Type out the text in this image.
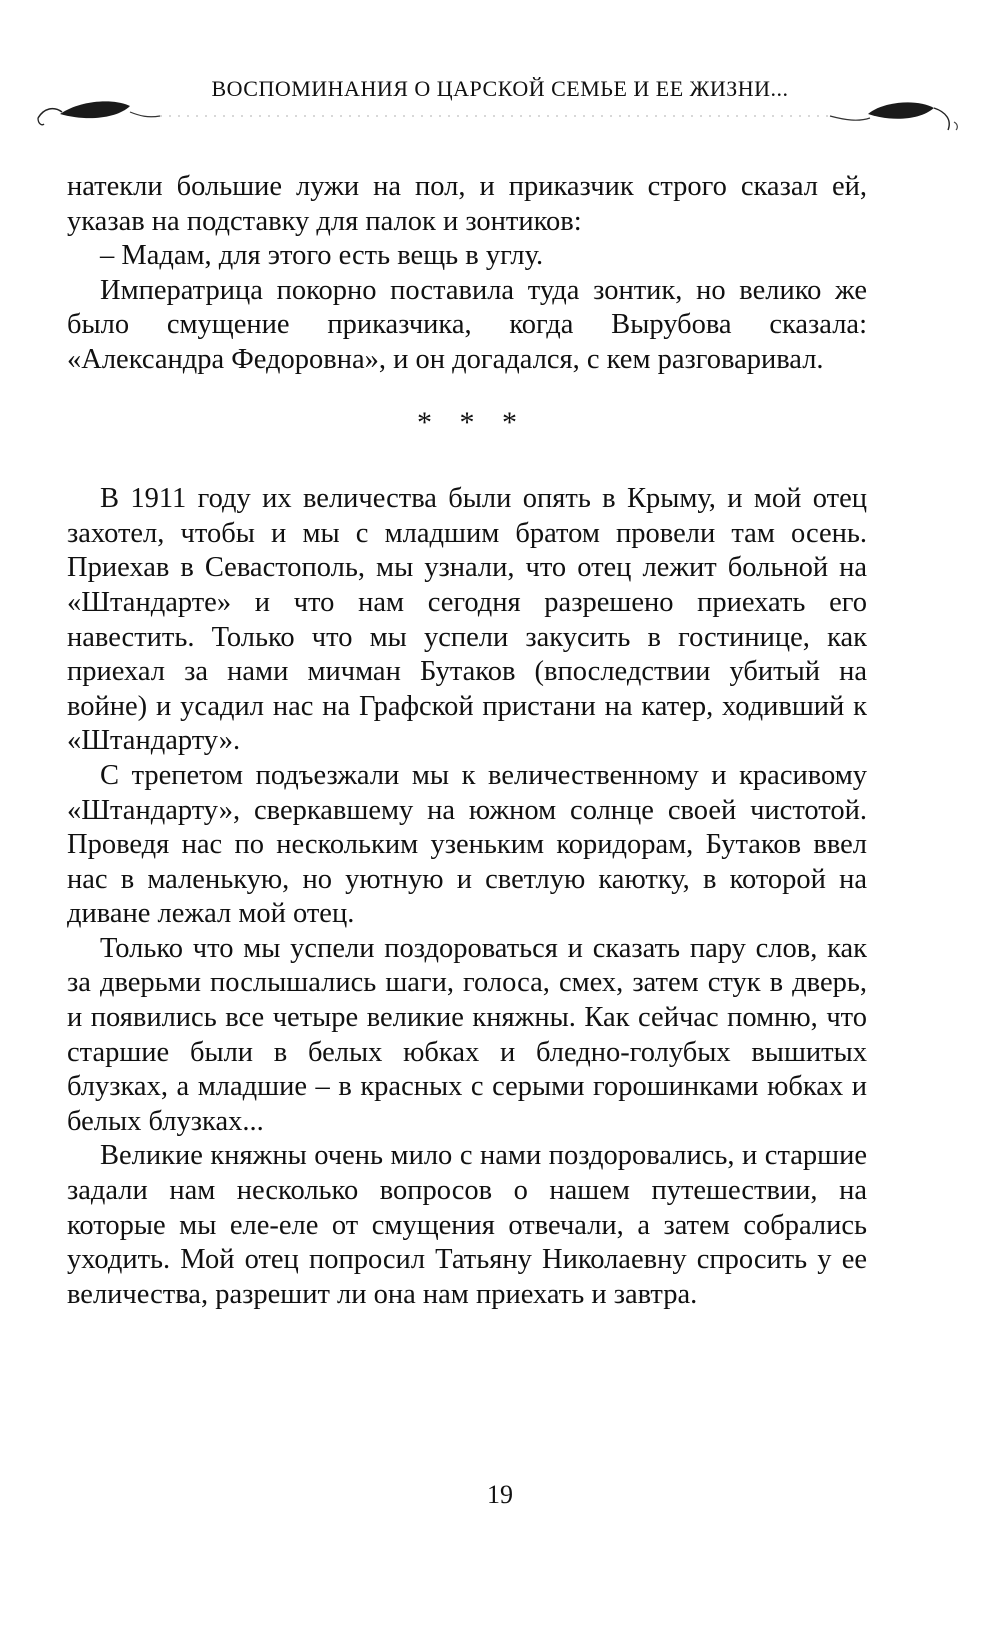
ВОСПОМИНАНИЯ О ЦАРСКОЙ СЕМЬЕ И ЕЕ ЖИЗНИ...

натекли большие лужи на пол, и приказчик строго сказал ей, указав на подставку для палок и зонтиков:

– Мадам, для этого есть вещь в углу.

Императрица покорно поставила туда зонтик, но велико же было смущение приказчика, когда Вырубова сказала: «Александра Федоровна», и он догадался, с кем разговаривал.

* * *

В 1911 году их величества были опять в Крыму, и мой отец захотел, чтобы и мы с младшим братом провели там осень. Приехав в Севастополь, мы узнали, что отец лежит больной на «Штандарте» и что нам сегодня разрешено приехать его навестить. Только что мы успели закусить в гостинице, как приехал за нами мичман Бутаков (впоследствии убитый на войне) и усадил нас на Графской пристани на катер, ходивший к «Штандарту».

С трепетом подъезжали мы к величественному и красивому «Штандарту», сверкавшему на южном солнце своей чистотой. Проведя нас по нескольким узеньким коридорам, Бутаков ввел нас в маленькую, но уютную и светлую каютку, в которой на диване лежал мой отец.

Только что мы успели поздороваться и сказать пару слов, как за дверьми послышались шаги, голоса, смех, затем стук в дверь, и появились все четыре великие княжны. Как сейчас помню, что старшие были в белых юбках и бледно-голубых вышитых блузках, а младшие – в красных с серыми горошинками юбках и белых блузках...

Великие княжны очень мило с нами поздоровались, и старшие задали нам несколько вопросов о нашем путешествии, на которые мы еле-еле от смущения отвечали, а затем собрались уходить. Мой отец попросил Татьяну Николаевну спросить у ее величества, разрешит ли она нам приехать и завтра.

19
